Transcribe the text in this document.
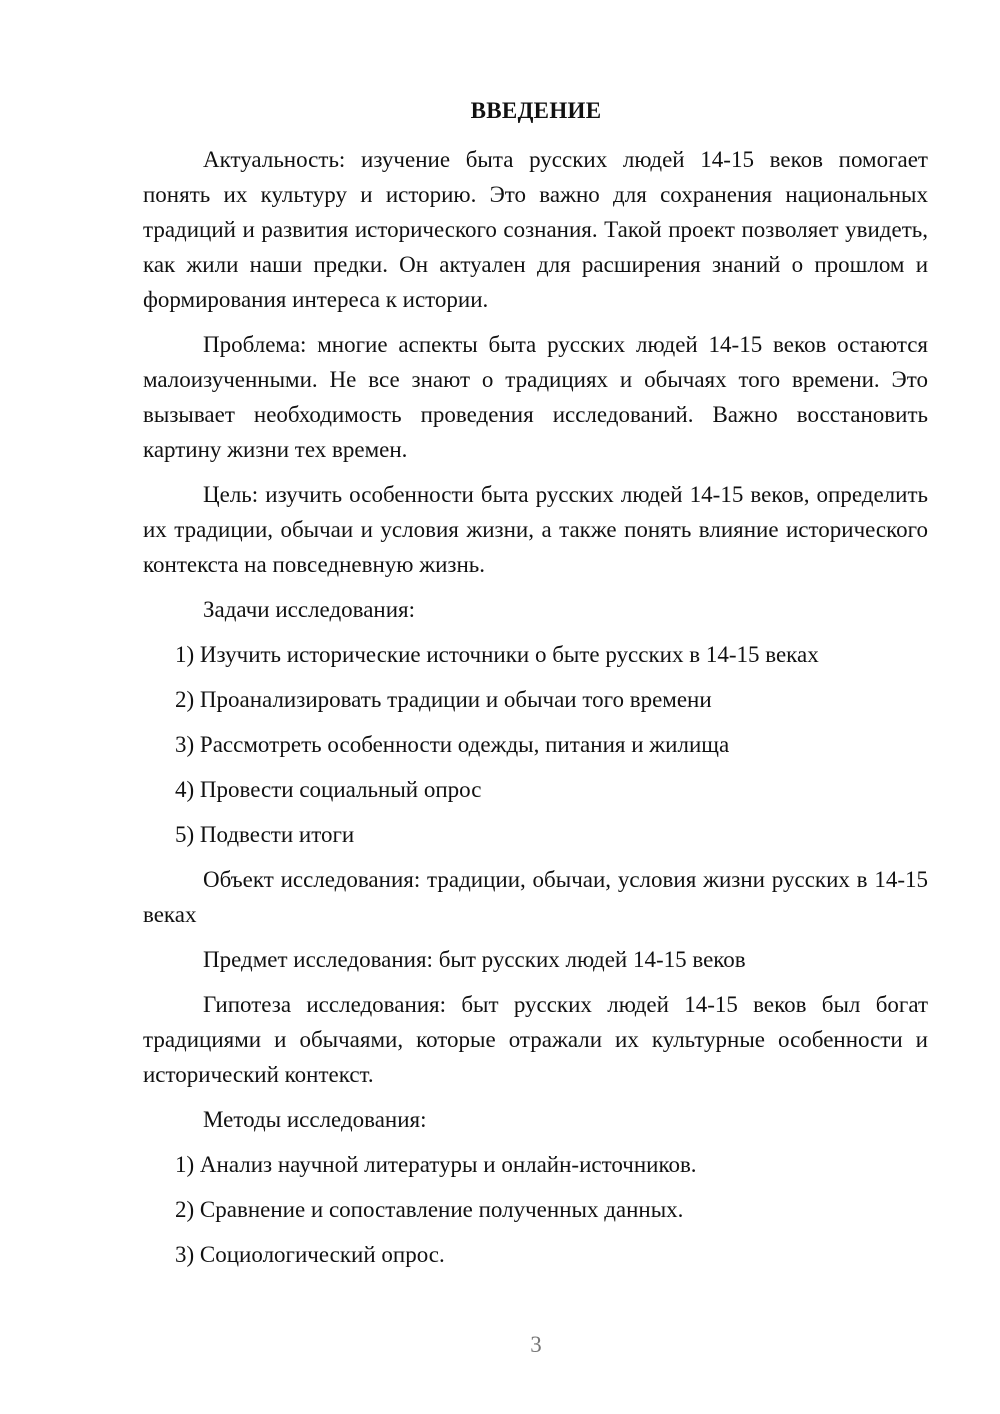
ВВЕДЕНИЕ

Актуальность: изучение быта русских людей 14-15 веков помогает понять их культуру и историю. Это важно для сохранения национальных традиций и развития исторического сознания. Такой проект позволяет увидеть, как жили наши предки. Он актуален для расширения знаний о прошлом и формирования интереса к истории.

Проблема: многие аспекты быта русских людей 14-15 веков остаются малоизученными. Не все знают о традициях и обычаях того времени. Это вызывает необходимость проведения исследований. Важно восстановить картину жизни тех времен.

Цель: изучить особенности быта русских людей 14-15 веков, определить их традиции, обычаи и условия жизни, а также понять влияние исторического контекста на повседневную жизнь.

Задачи исследования:

1) Изучить исторические источники о быте русских в 14-15 веках

2) Проанализировать традиции и обычаи того времени

3) Рассмотреть особенности одежды, питания и жилища

4) Провести социальный опрос

5) Подвести итоги

Объект исследования: традиции, обычаи, условия жизни русских в 14-15 веках

Предмет исследования: быт русских людей 14-15 веков

Гипотеза исследования: быт русских людей 14-15 веков был богат традициями и обычаями, которые отражали их культурные особенности и исторический контекст.

Методы исследования:

1) Анализ научной литературы и онлайн-источников.

2) Сравнение и сопоставление полученных данных.

3) Социологический опрос.

3
